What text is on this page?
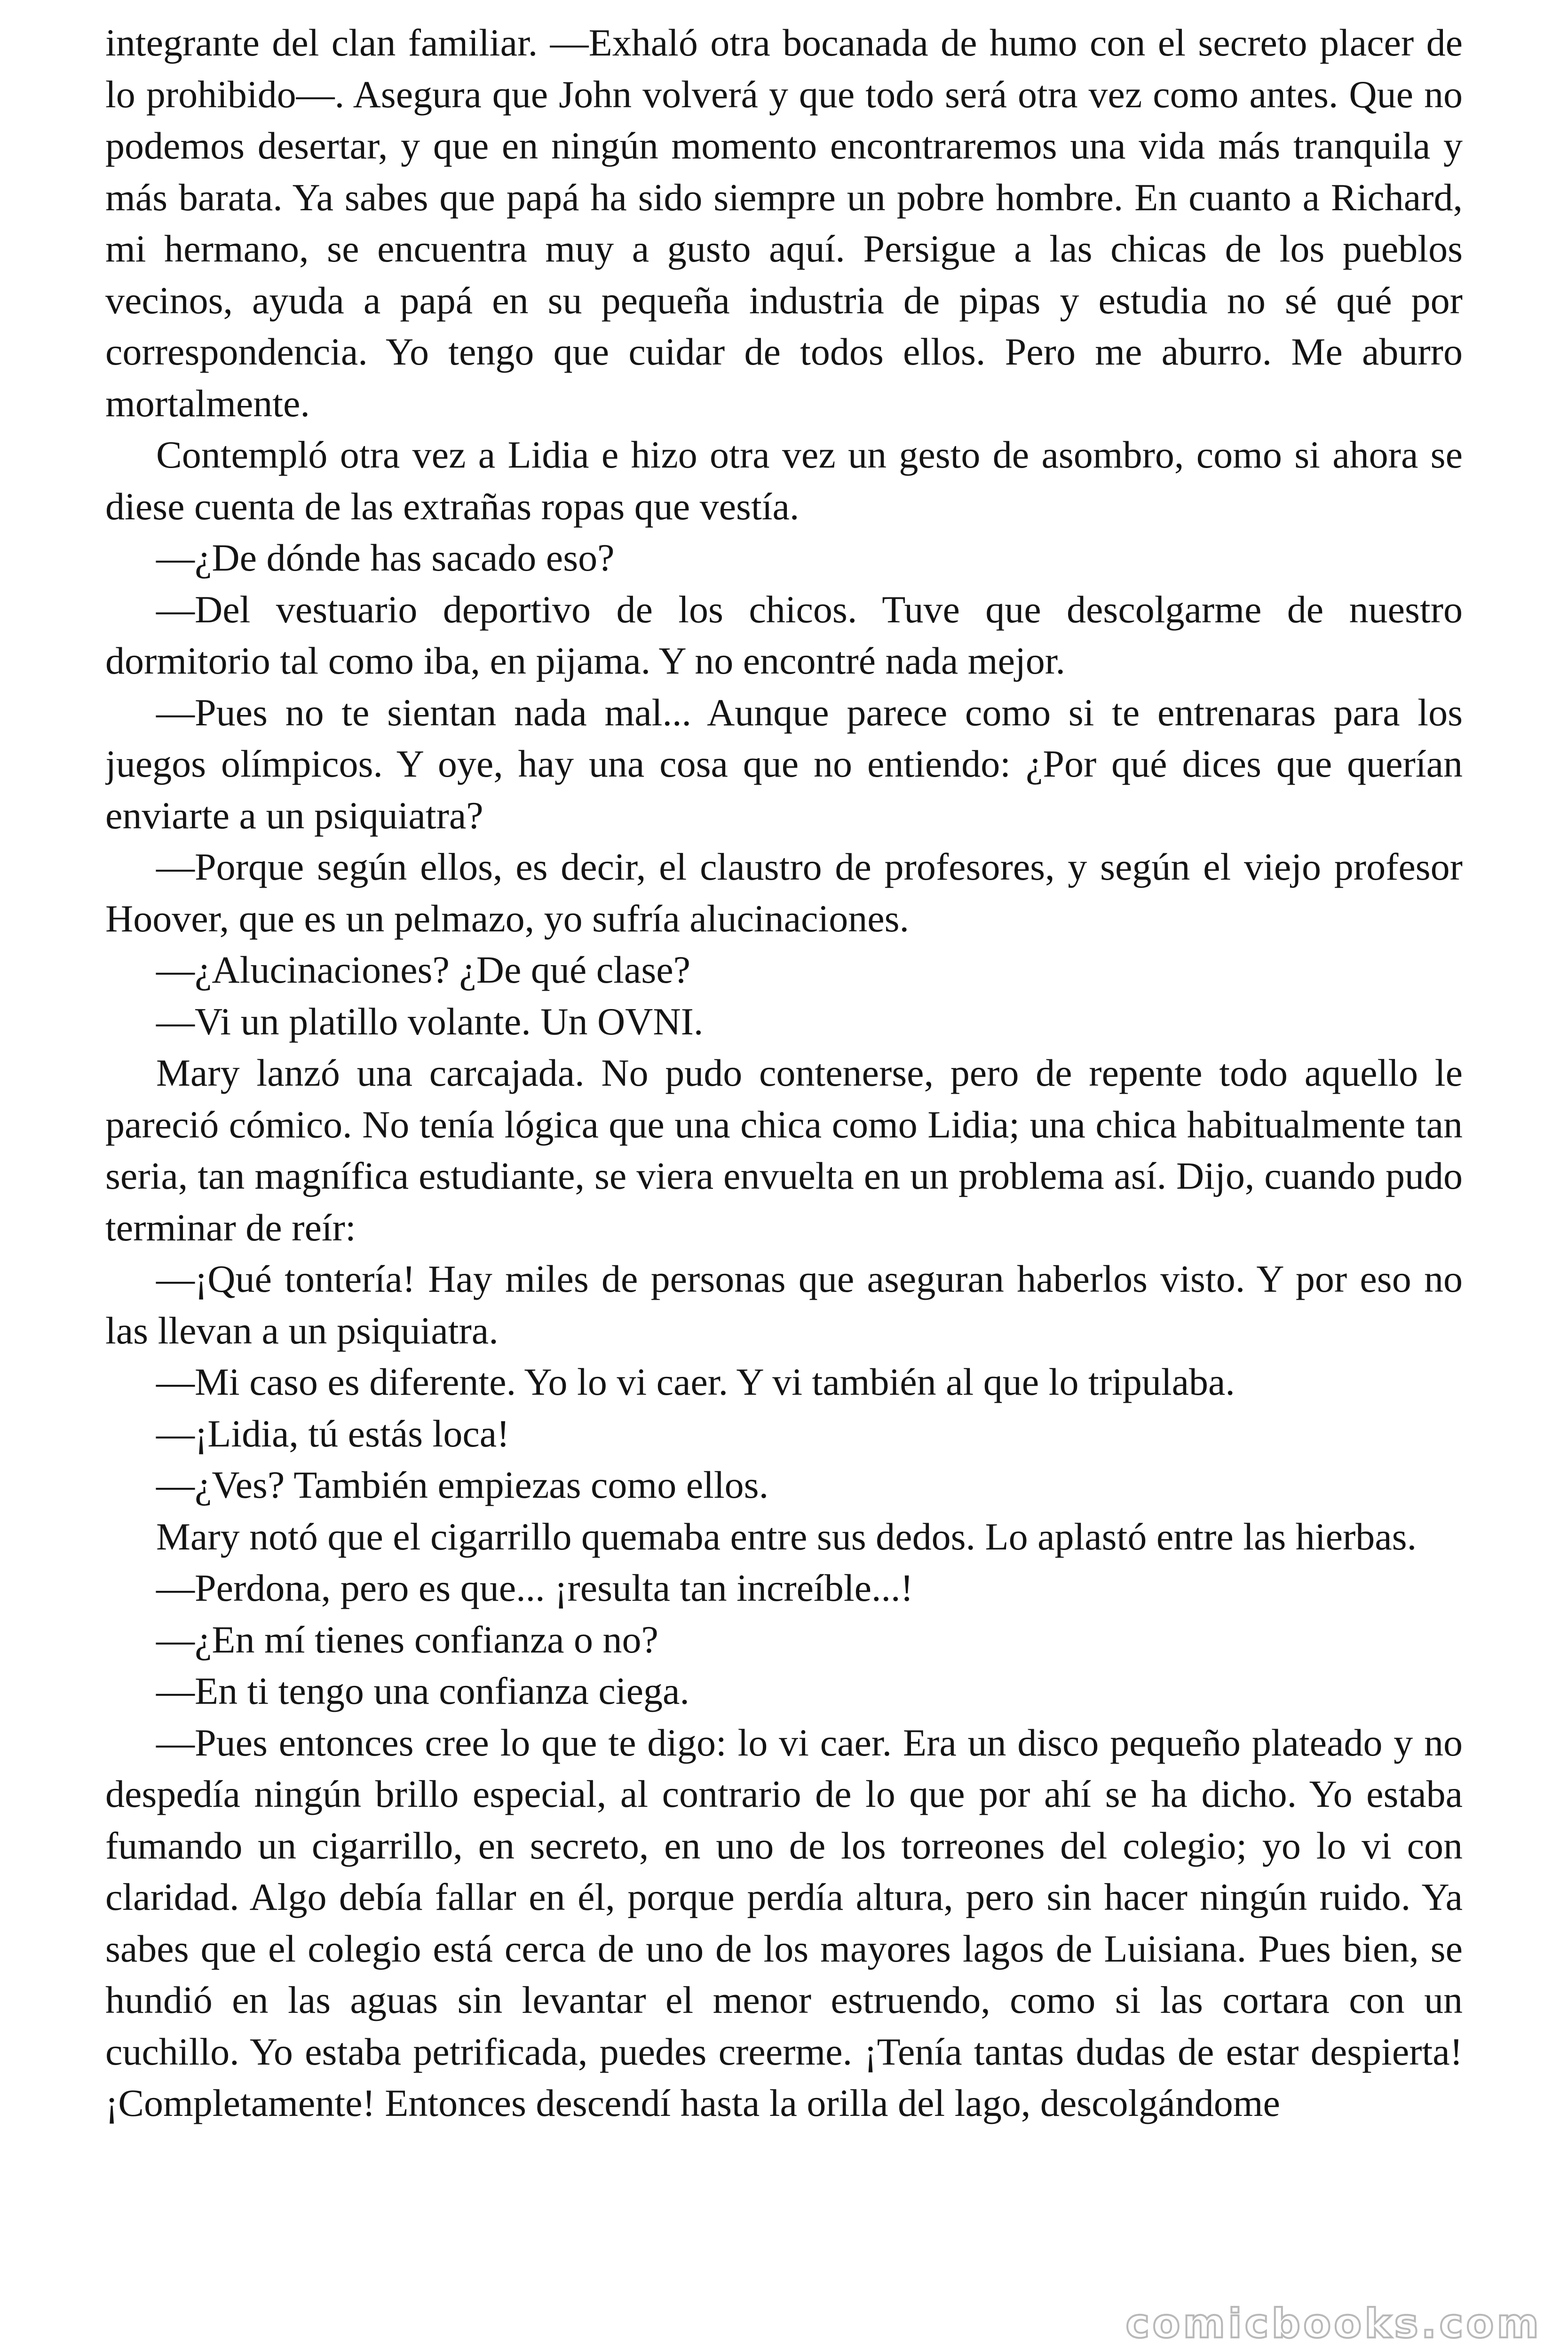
integrante del clan familiar. —Exhaló otra bocanada de humo con el secreto placer de lo prohibido—. Asegura que John volverá y que todo será otra vez como antes. Que no podemos desertar, y que en ningún momento encontraremos una vida más tranquila y más barata. Ya sabes que papá ha sido siempre un pobre hombre. En cuanto a Richard, mi hermano, se encuentra muy a gusto aquí. Persigue a las chicas de los pueblos vecinos, ayuda a papá en su pequeña industria de pipas y estudia no sé qué por correspondencia. Yo tengo que cuidar de todos ellos. Pero me aburro. Me aburro mortalmente.

Contempló otra vez a Lidia e hizo otra vez un gesto de asombro, como si ahora se diese cuenta de las extrañas ropas que vestía.

—¿De dónde has sacado eso?

—Del vestuario deportivo de los chicos. Tuve que descolgarme de nuestro dormitorio tal como iba, en pijama. Y no encontré nada mejor.

—Pues no te sientan nada mal... Aunque parece como si te entrenaras para los juegos olímpicos. Y oye, hay una cosa que no entiendo: ¿Por qué dices que querían enviarte a un psiquiatra?

—Porque según ellos, es decir, el claustro de profesores, y según el viejo profesor Hoover, que es un pelmazo, yo sufría alucinaciones.

—¿Alucinaciones? ¿De qué clase?

—Vi un platillo volante. Un OVNI.

Mary lanzó una carcajada. No pudo contenerse, pero de repente todo aquello le pareció cómico. No tenía lógica que una chica como Lidia; una chica habitualmente tan seria, tan magnífica estudiante, se viera envuelta en un problema así. Dijo, cuando pudo terminar de reír:

—¡Qué tontería! Hay miles de personas que aseguran haberlos visto. Y por eso no las llevan a un psiquiatra.

—Mi caso es diferente. Yo lo vi caer. Y vi también al que lo tripulaba.

—¡Lidia, tú estás loca!

—¿Ves? También empiezas como ellos.

Mary notó que el cigarrillo quemaba entre sus dedos. Lo aplastó entre las hierbas.

—Perdona, pero es que... ¡resulta tan increíble...!

—¿En mí tienes confianza o no?

—En ti tengo una confianza ciega.

—Pues entonces cree lo que te digo: lo vi caer. Era un disco pequeño plateado y no despedía ningún brillo especial, al contrario de lo que por ahí se ha dicho. Yo estaba fumando un cigarrillo, en secreto, en uno de los torreones del colegio; yo lo vi con claridad. Algo debía fallar en él, porque perdía altura, pero sin hacer ningún ruido. Ya sabes que el colegio está cerca de uno de los mayores lagos de Luisiana. Pues bien, se hundió en las aguas sin levantar el menor estruendo, como si las cortara con un cuchillo. Yo estaba petrificada, puedes creerme. ¡Tenía tantas dudas de estar despierta! ¡Completamente! Entonces descendí hasta la orilla del lago, descolgándome

comicbooks.com
